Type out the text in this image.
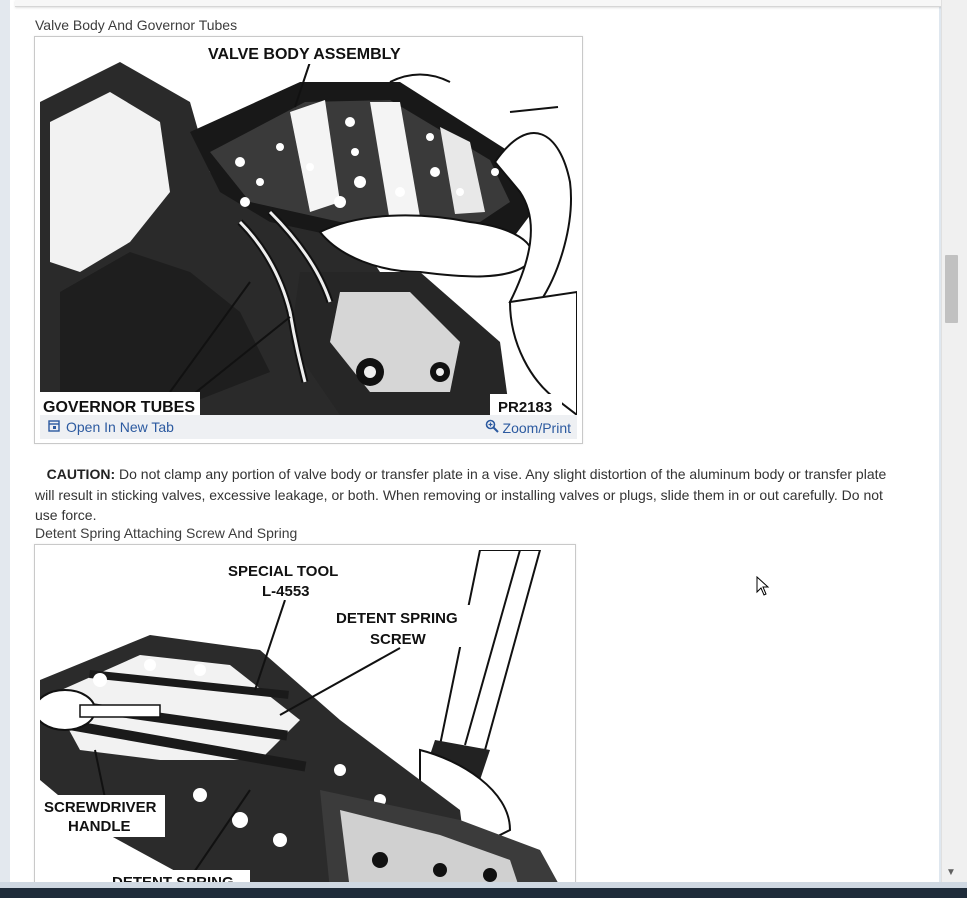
Valve Body And Governor Tubes
VALVE BODY ASSEMBLY
GOVERNOR TUBES	PR2183
Open In New Tab	Zoom/Print
CAUTION: Do not clamp any portion of valve body or transfer plate in a vise. Any slight distortion of the aluminum body or transfer plate will result in sticking valves, excessive leakage, or both. When removing or installing valves or plugs, slide them in or out carefully. Do not use force.
Detent Spring Attaching Screw And Spring
SPECIAL TOOL
L-4553
DETENT SPRING
SCREW
SCREWDRIVER
HANDLE
▼
